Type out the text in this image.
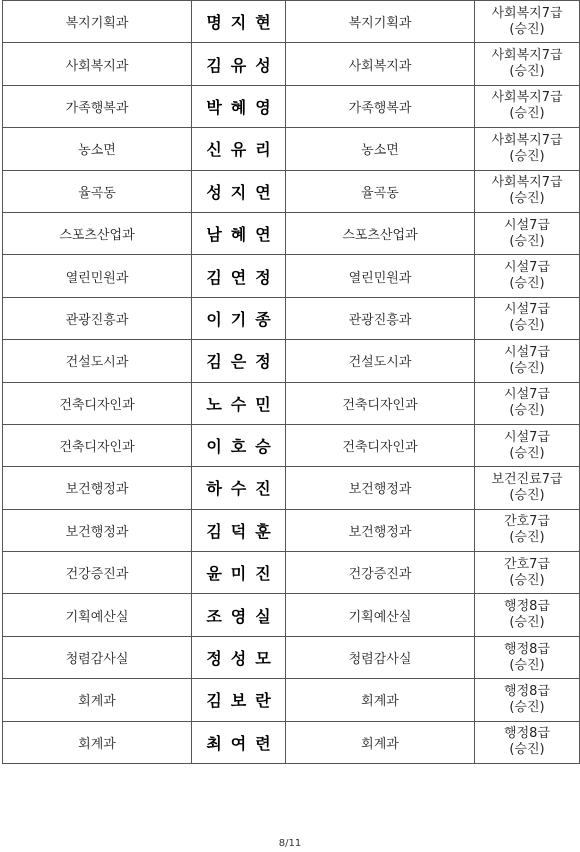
복지기획과	명지현	복지기획과	사회복지7급
(승진)

사회복지과	김유성	사회복지과	사회복지7급
(승진)

가족행복과	박혜영	가족행복과	사회복지7급
(승진)

농소면	신유리	농소면	사회복지7급
(승진)

율곡동	성지연	율곡동	사회복지7급
(승진)

스포츠산업과	남혜연	스포츠산업과	시설7급
(승진)

열린민원과	김연정	열린민원과	시설7급
(승진)

관광진흥과	이기종	관광진흥과	시설7급
(승진)

건설도시과	김은정	건설도시과	시설7급
(승진)

건축디자인과	노수민	건축디자인과	시설7급
(승진)

건축디자인과	이호승	건축디자인과	시설7급
(승진)

보건행정과	하수진	보건행정과	보건진료7급
(승진)

보건행정과	김덕훈	보건행정과	간호7급
(승진)

건강증진과	윤미진	건강증진과	간호7급
(승진)

기획예산실	조영실	기획예산실	행정8급
(승진)

청렴감사실	정성모	청렴감사실	행정8급
(승진)

회계과	김보란	회계과	행정8급
(승진)

회계과	최여련	회계과	행정8급
(승진)
8/11
